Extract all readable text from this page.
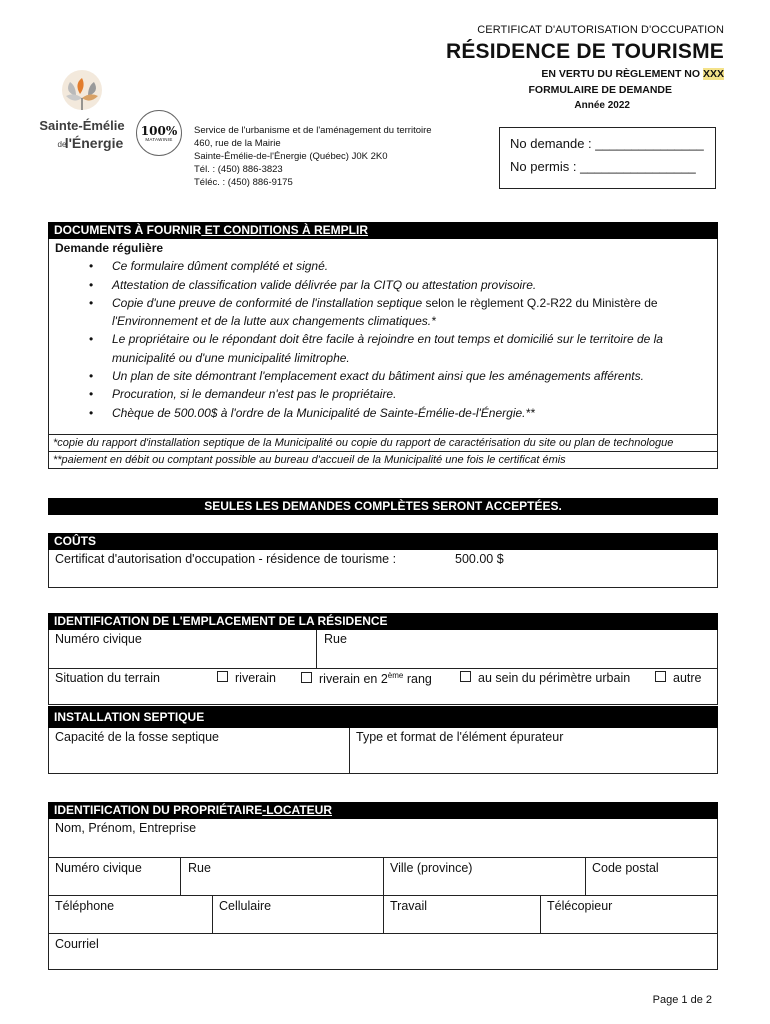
CERTIFICAT D'AUTORISATION D'OCCUPATION
RÉSIDENCE DE TOURISME
EN VERTU DU RÈGLEMENT NO XXX
FORMULAIRE DE DEMANDE
Année 2022
Sainte-Émélie
de
l'Énergie
100%
MATAWINIE
Service de l'urbanisme et de l'aménagement du territoire
460, rue de la Mairie
Sainte-Émélie-de-l'Énergie (Québec) J0K 2K0
Tél. : (450) 886-3823
Téléc. : (450) 886-9175
No demande : _______________
No permis : ________________
DOCUMENTS À FOURNIR ET CONDITIONS À REMPLIR
Demande régulière
• Ce formulaire dûment complété et signé.
• Attestation de classification valide délivrée par la CITQ ou attestation provisoire.
• Copie d'une preuve de conformité de l'installation septique selon le règlement Q.2-R22 du Ministère de
l'Environnement et de la lutte aux changements climatiques.*
• Le propriétaire ou le répondant doit être facile à rejoindre en tout temps et domicilié sur le territoire de la municipalité ou d'une municipalité limitrophe.
• Un plan de site démontrant l'emplacement exact du bâtiment ainsi que les aménagements afférents.
• Procuration, si le demandeur n'est pas le propriétaire.
• Chèque de 500.00$ à l'ordre de la Municipalité de Sainte-Émélie-de-l'Énergie.**
*copie du rapport d'installation septique de la Municipalité ou copie du rapport de caractérisation du site ou plan de technologue
**paiement en débit ou comptant possible au bureau d'accueil de la Municipalité une fois le certificat émis
SEULES LES DEMANDES COMPLÈTES SERONT ACCEPTÉES.
COÛTS
Certificat d'autorisation d'occupation - résidence de tourisme :	500.00 $
IDENTIFICATION DE L'EMPLACEMENT DE LA RÉSIDENCE
Numéro civique	Rue
Situation du terrain	riverain	riverain en 2ème rang	au sein du périmètre urbain	autre
INSTALLATION SEPTIQUE
Capacité de la fosse septique	Type et format de l'élément épurateur
IDENTIFICATION DU PROPRIÉTAIRE-LOCATEUR
Nom, Prénom, Entreprise
Numéro civique	Rue	Ville (province)	Code postal
Téléphone	Cellulaire	Travail	Télécopieur
Courriel
Page 1 de 2
